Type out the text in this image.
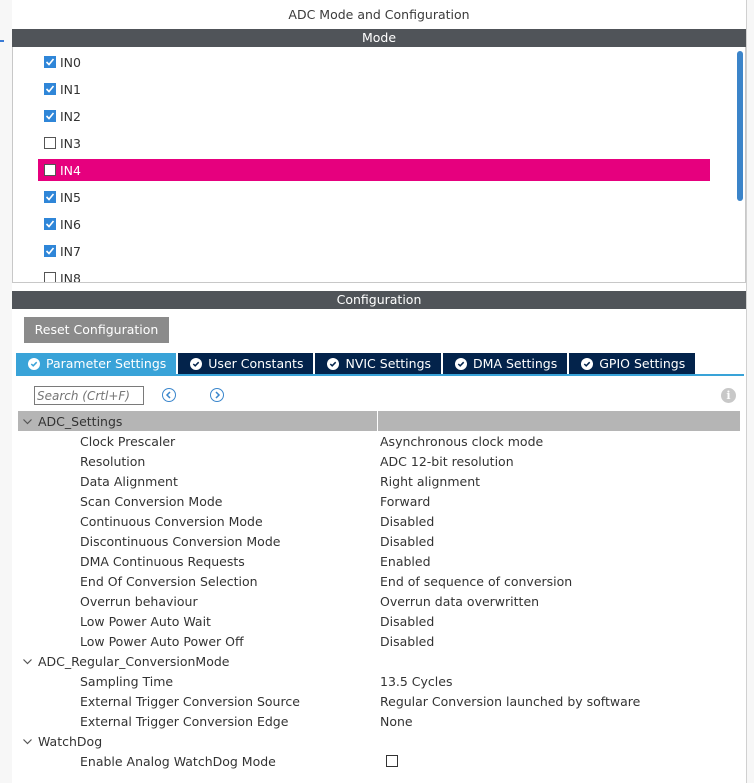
ADC Mode and Configuration
Mode
IN0
IN1
IN2
IN3
IN4
IN5
IN6
IN7
IN8
Configuration
Reset Configuration
Parameter Settings	User Constants	NVIC Settings	DMA Settings	GPIO Settings
Search (Crtl+F)
i
ADC_Settings
Clock Prescaler	Asynchronous clock mode
Resolution	ADC 12-bit resolution
Data Alignment	Right alignment
Scan Conversion Mode	Forward
Continuous Conversion Mode	Disabled
Discontinuous Conversion Mode	Disabled
DMA Continuous Requests	Enabled
End Of Conversion Selection	End of sequence of conversion
Overrun behaviour	Overrun data overwritten
Low Power Auto Wait	Disabled
Low Power Auto Power Off	Disabled
ADC_Regular_ConversionMode
Sampling Time	13.5 Cycles
External Trigger Conversion Source	Regular Conversion launched by software
External Trigger Conversion Edge	None
WatchDog
Enable Analog WatchDog Mode
